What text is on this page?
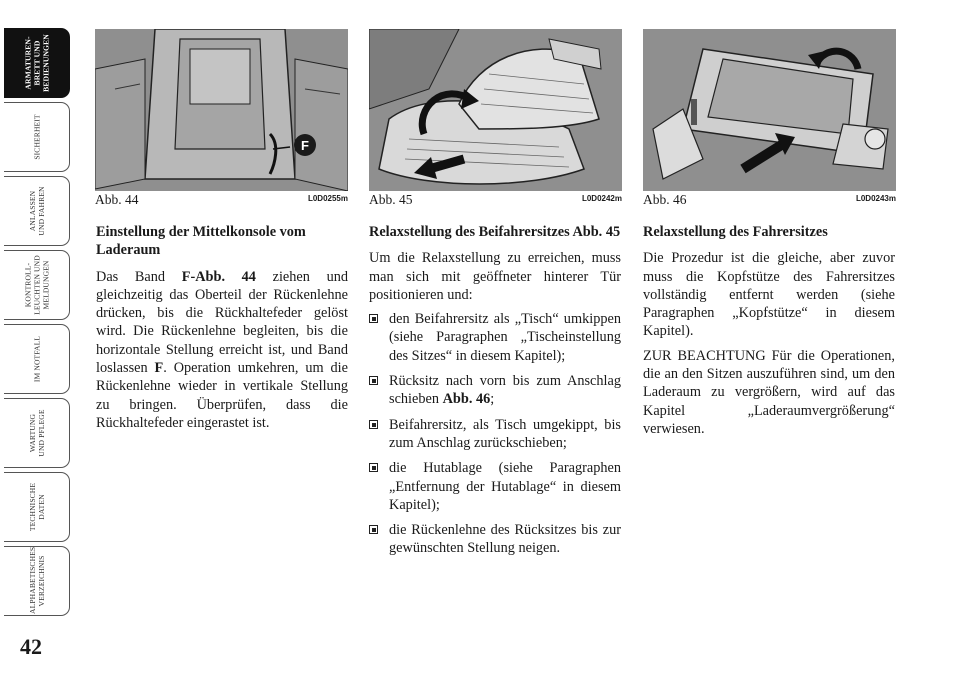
ARMATUREN-
BRETT UND
BEDIENUNGEN
SICHERHEIT
ANLASSEN
UND FAHREN
KONTROLL-
LEUCHTEN UND
MELDUNGEN
IM NOTFALL
WARTUNG
UND PFLEGE
TECHNISCHE
DATEN
ALPHABETISCHES
VERZEICHNIS
42
F
Abb. 44	L0D0255m Abb. 45	L0D0242m Abb. 46	L0D0243m
Einstellung der Mittelkonsole vom Laderaum

Das Band F-Abb. 44 ziehen und gleichzeitig das Oberteil der Rückenlehne drücken, bis die Rückhaltefeder gelöst wird. Die Rückenlehne begleiten, bis die horizontale Stellung erreicht ist, und Band loslassen F. Operation umkehren, um die Rückenlehne wieder in vertikale Stellung zu bringen. Überprüfen, dass die Rückhaltefeder eingerastet ist.

Relaxstellung des Beifahrersitzes Abb. 45

Um die Relaxstellung zu erreichen, muss man sich mit geöffneter hinterer Tür positionieren und:

den Beifahrersitz als „Tisch“ umkippen (siehe Paragraphen „Tischeinstellung des Sitzes“ in diesem Kapitel);
Rücksitz nach vorn bis zum Anschlag schieben Abb. 46;
Beifahrersitz, als Tisch umgekippt, bis zum Anschlag zurückschieben;
die Hutablage (siehe Paragraphen „Entfernung der Hutablage“ in diesem Kapitel);
die Rückenlehne des Rücksitzes bis zur gewünschten Stellung neigen.
Relaxstellung des Fahrersitzes

Die Prozedur ist die gleiche, aber zuvor muss die Kopfstütze des Fahrersitzes vollständig entfernt werden (siehe Paragraphen „Kopfstütze“ in diesem Kapitel).

ZUR BEACHTUNG Für die Operationen, die an den Sitzen auszuführen sind, um den Laderaum zu vergrößern, wird auf das Kapitel „Laderaumvergrößerung“ verwiesen.
